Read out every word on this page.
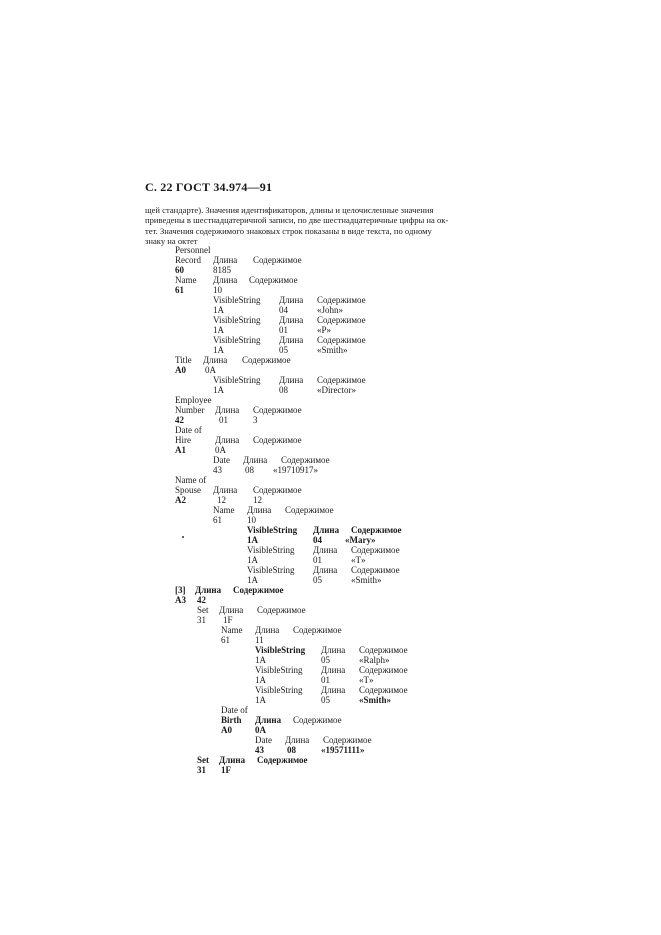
С. 22 ГОСТ 34.974—91

щей стандарте). Значения идентификаторов, длины и целочисленные значения

приведены в шестнадцатеричной записи, по две шестнадцатеричные цифры на ок-

тет. Значения содержимого знаковых строк показаны в виде текста, по одному

знаку на октет

Personnel
Record Длина Содержимое
60	8185
Name Длина Содержимое
61	10
VisibleString Длина Содержимое
1A	04	«John»
VisibleString Длина Содержимое
1A	01	«P»
VisibleString Длина Содержимое
1A	05	«Smith»
Title Длина Содержимое
A0 0A
VisibleString Длина Содержимое
1A	08	«Director»
Employee
Number Длина Содержимое
42	01	3
Date of
Hire	Длина Содержимое
A1	0A
Date Длина Содержимое
43	08 «19710917»
Name of
Spouse Длина Содержимое
A2	12	12
Name Длина Содержимое
61	10
VisibleString Длина Содержимое
1A	04	«Mary»
VisibleString Длина Содержимое
1A	01	«T»
VisibleString Длина Содержимое
1A	05	«Smith»
[3] Длина Содержимое
A3 42
Set Длина Содержимое
31 1F
Name Длина Содержимое
61	11
VisibleString Длина Содержимое
1A	05	«Ralph»
VisibleString Длина Содержимое
1A	01	«T»
VisibleString Длина Содержимое
1A	05	«Smith»
Date of
Birth Длина Содержимое
A0	0A
Date Длина Содержимое
43	08	«19571111»
Set Длина Содержимое
31 1F
